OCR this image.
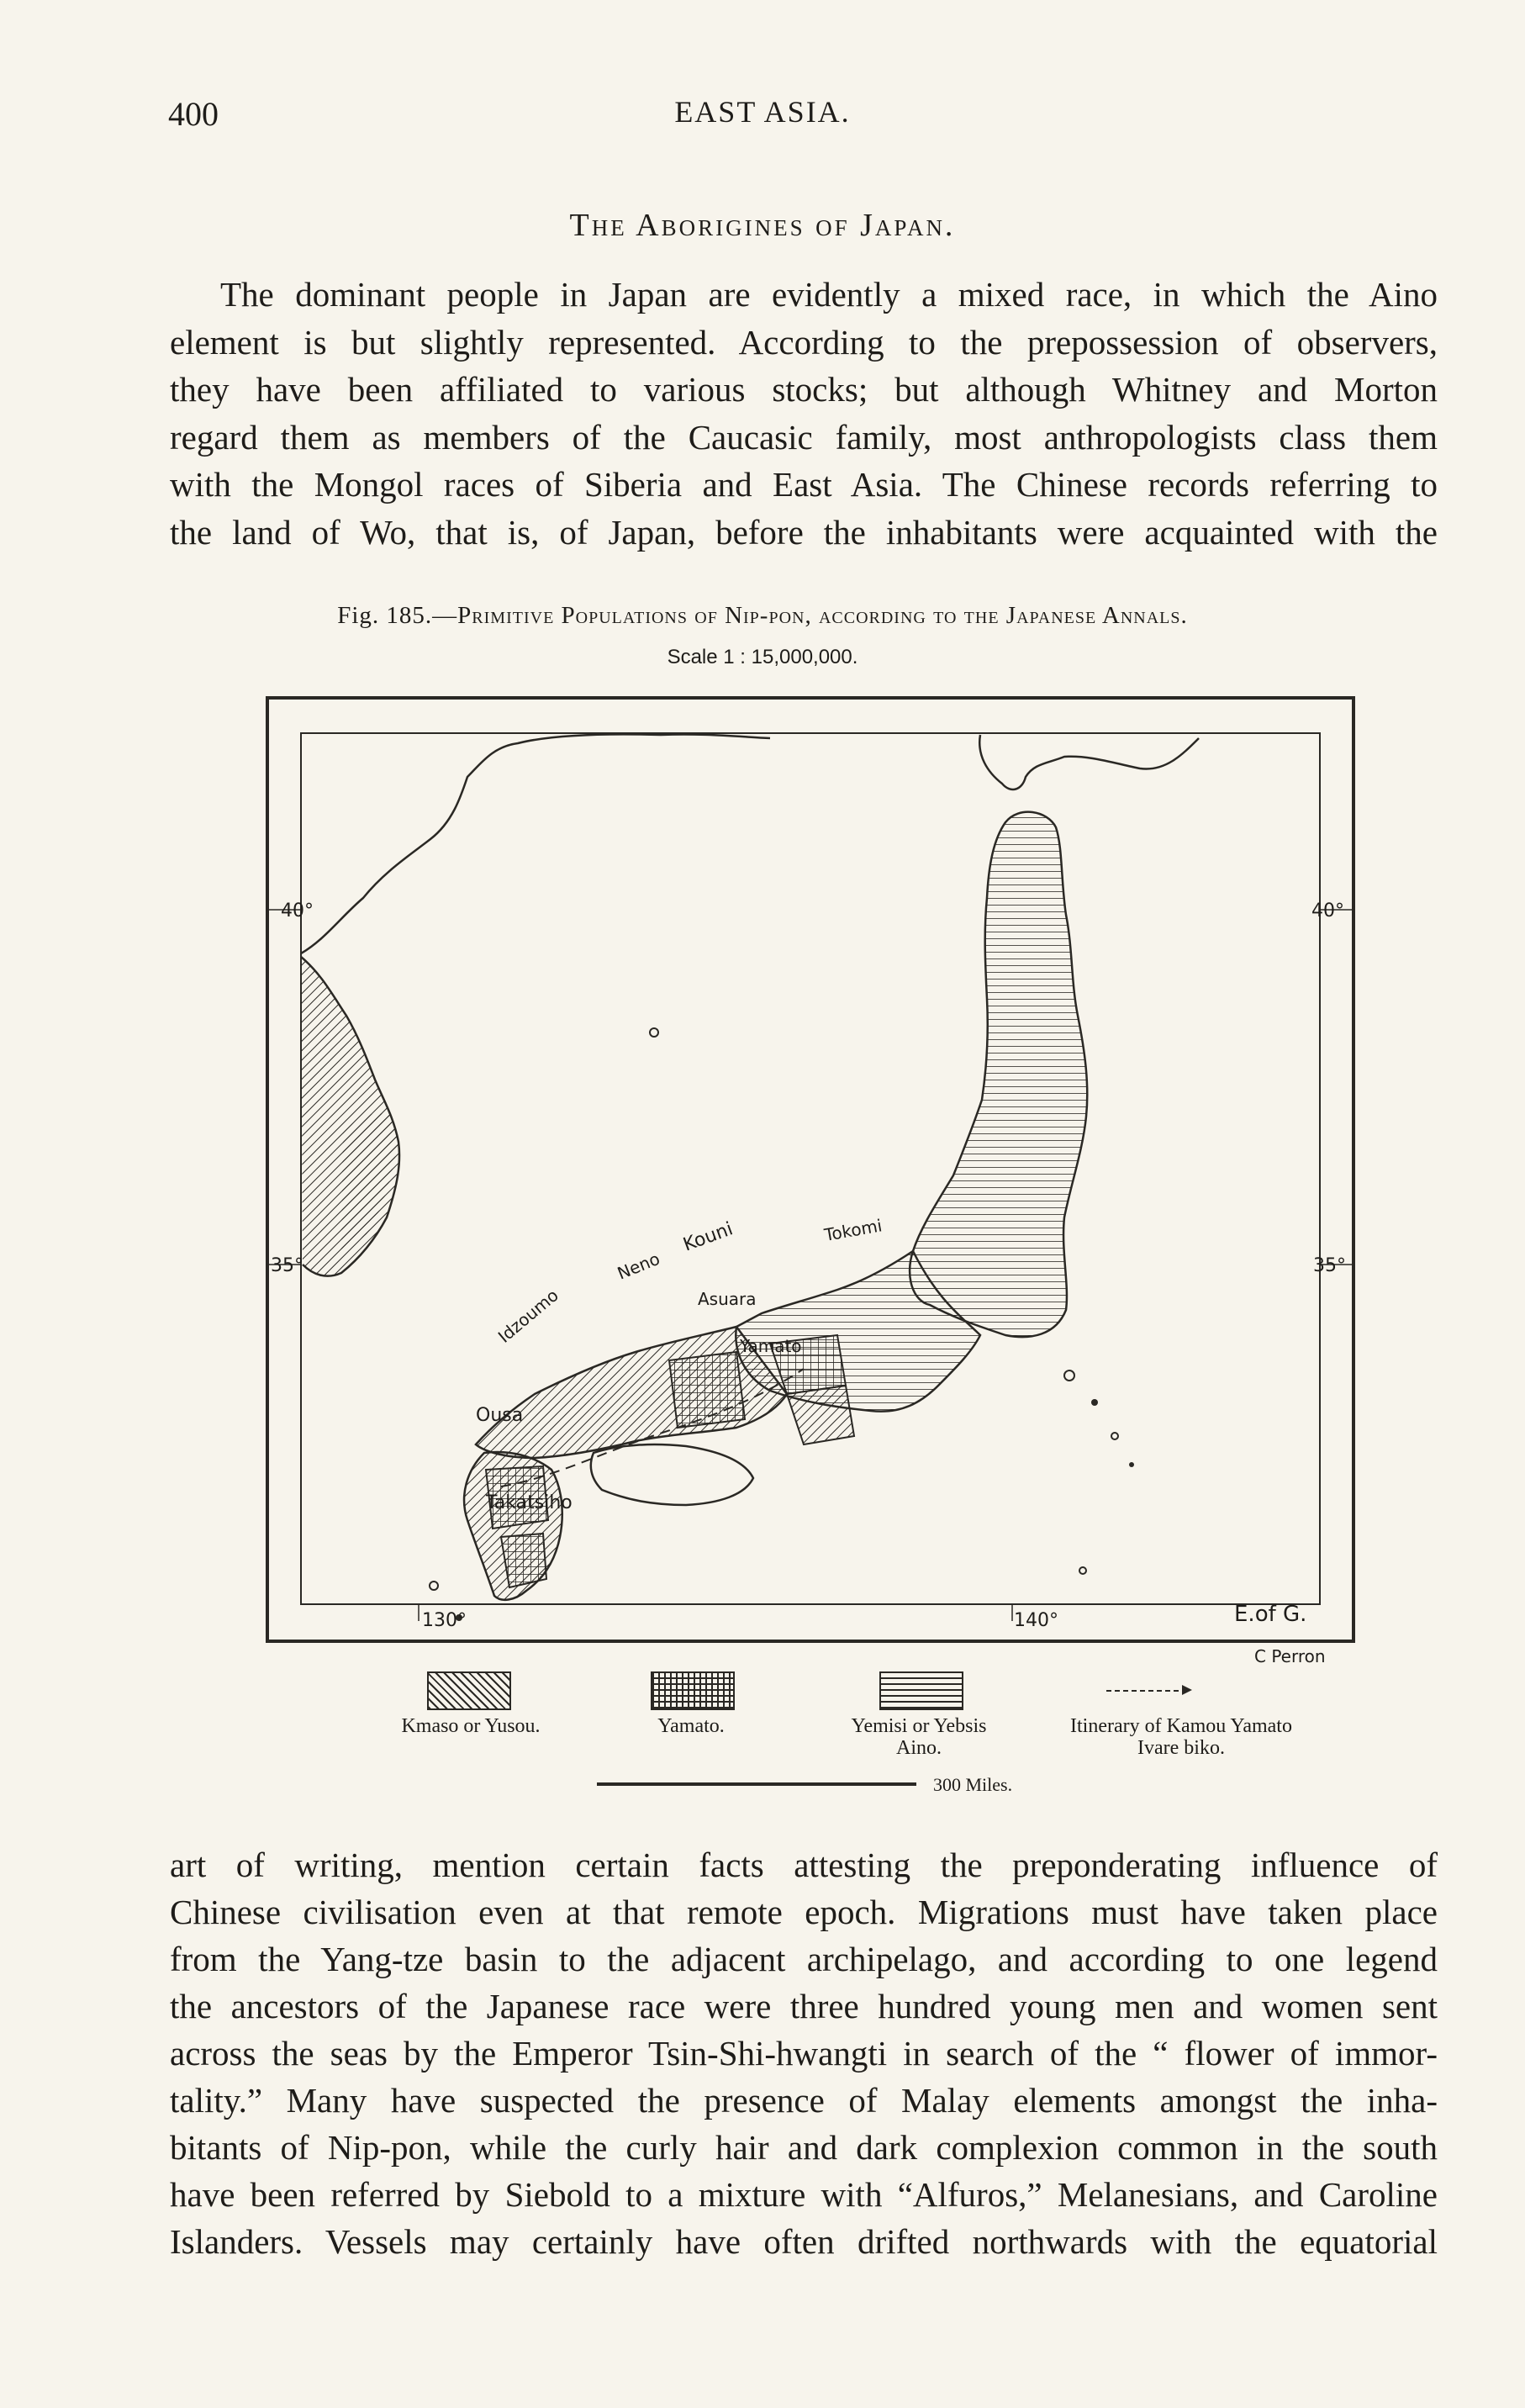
400	EAST ASIA.
The Aborigines of Japan.

The dominant people in Japan are evidently a mixed race, in which the Aino
element is but slightly represented. According to the prepossession of observers,
they have been affiliated to various stocks; but although Whitney and Morton
regard them as members of the Caucasic family, most anthropologists class them
with the Mongol races of Siberia and East Asia. The Chinese records referring to
the land of Wo, that is, of Japan, before the inhabitants were acquainted with the

Fig. 185.—Primitive Populations of Nip-pon, according to the Japanese Annals.
Scale 1 : 15,000,000.
40°	40°
35°	35°
130°	140°	E.of G.
Kouni
Neno
Idzoumo	Asuara
Yamato
Tokomi
Ousa
Takatsiho
C Perron
Kmaso or Yusou.	Yamato.	Yemisi or Yebsis
Aino.
Itinerary of Kamou Yamato
Ivare biko.
300 Miles.

art of writing, mention certain facts attesting the preponderating influence of
Chinese civilisation even at that remote epoch. Migrations must have taken place
from the Yang-tze basin to the adjacent archipelago, and according to one legend
the ancestors of the Japanese race were three hundred young men and women sent
across the seas by the Emperor Tsin-Shi-hwangti in search of the “ flower of immor-
tality.” Many have suspected the presence of Malay elements amongst the inha-
bitants of Nip-pon, while the curly hair and dark complexion common in the south
have been referred by Siebold to a mixture with “Alfuros,” Melanesians, and Caroline
Islanders. Vessels may certainly have often drifted northwards with the equatorial
